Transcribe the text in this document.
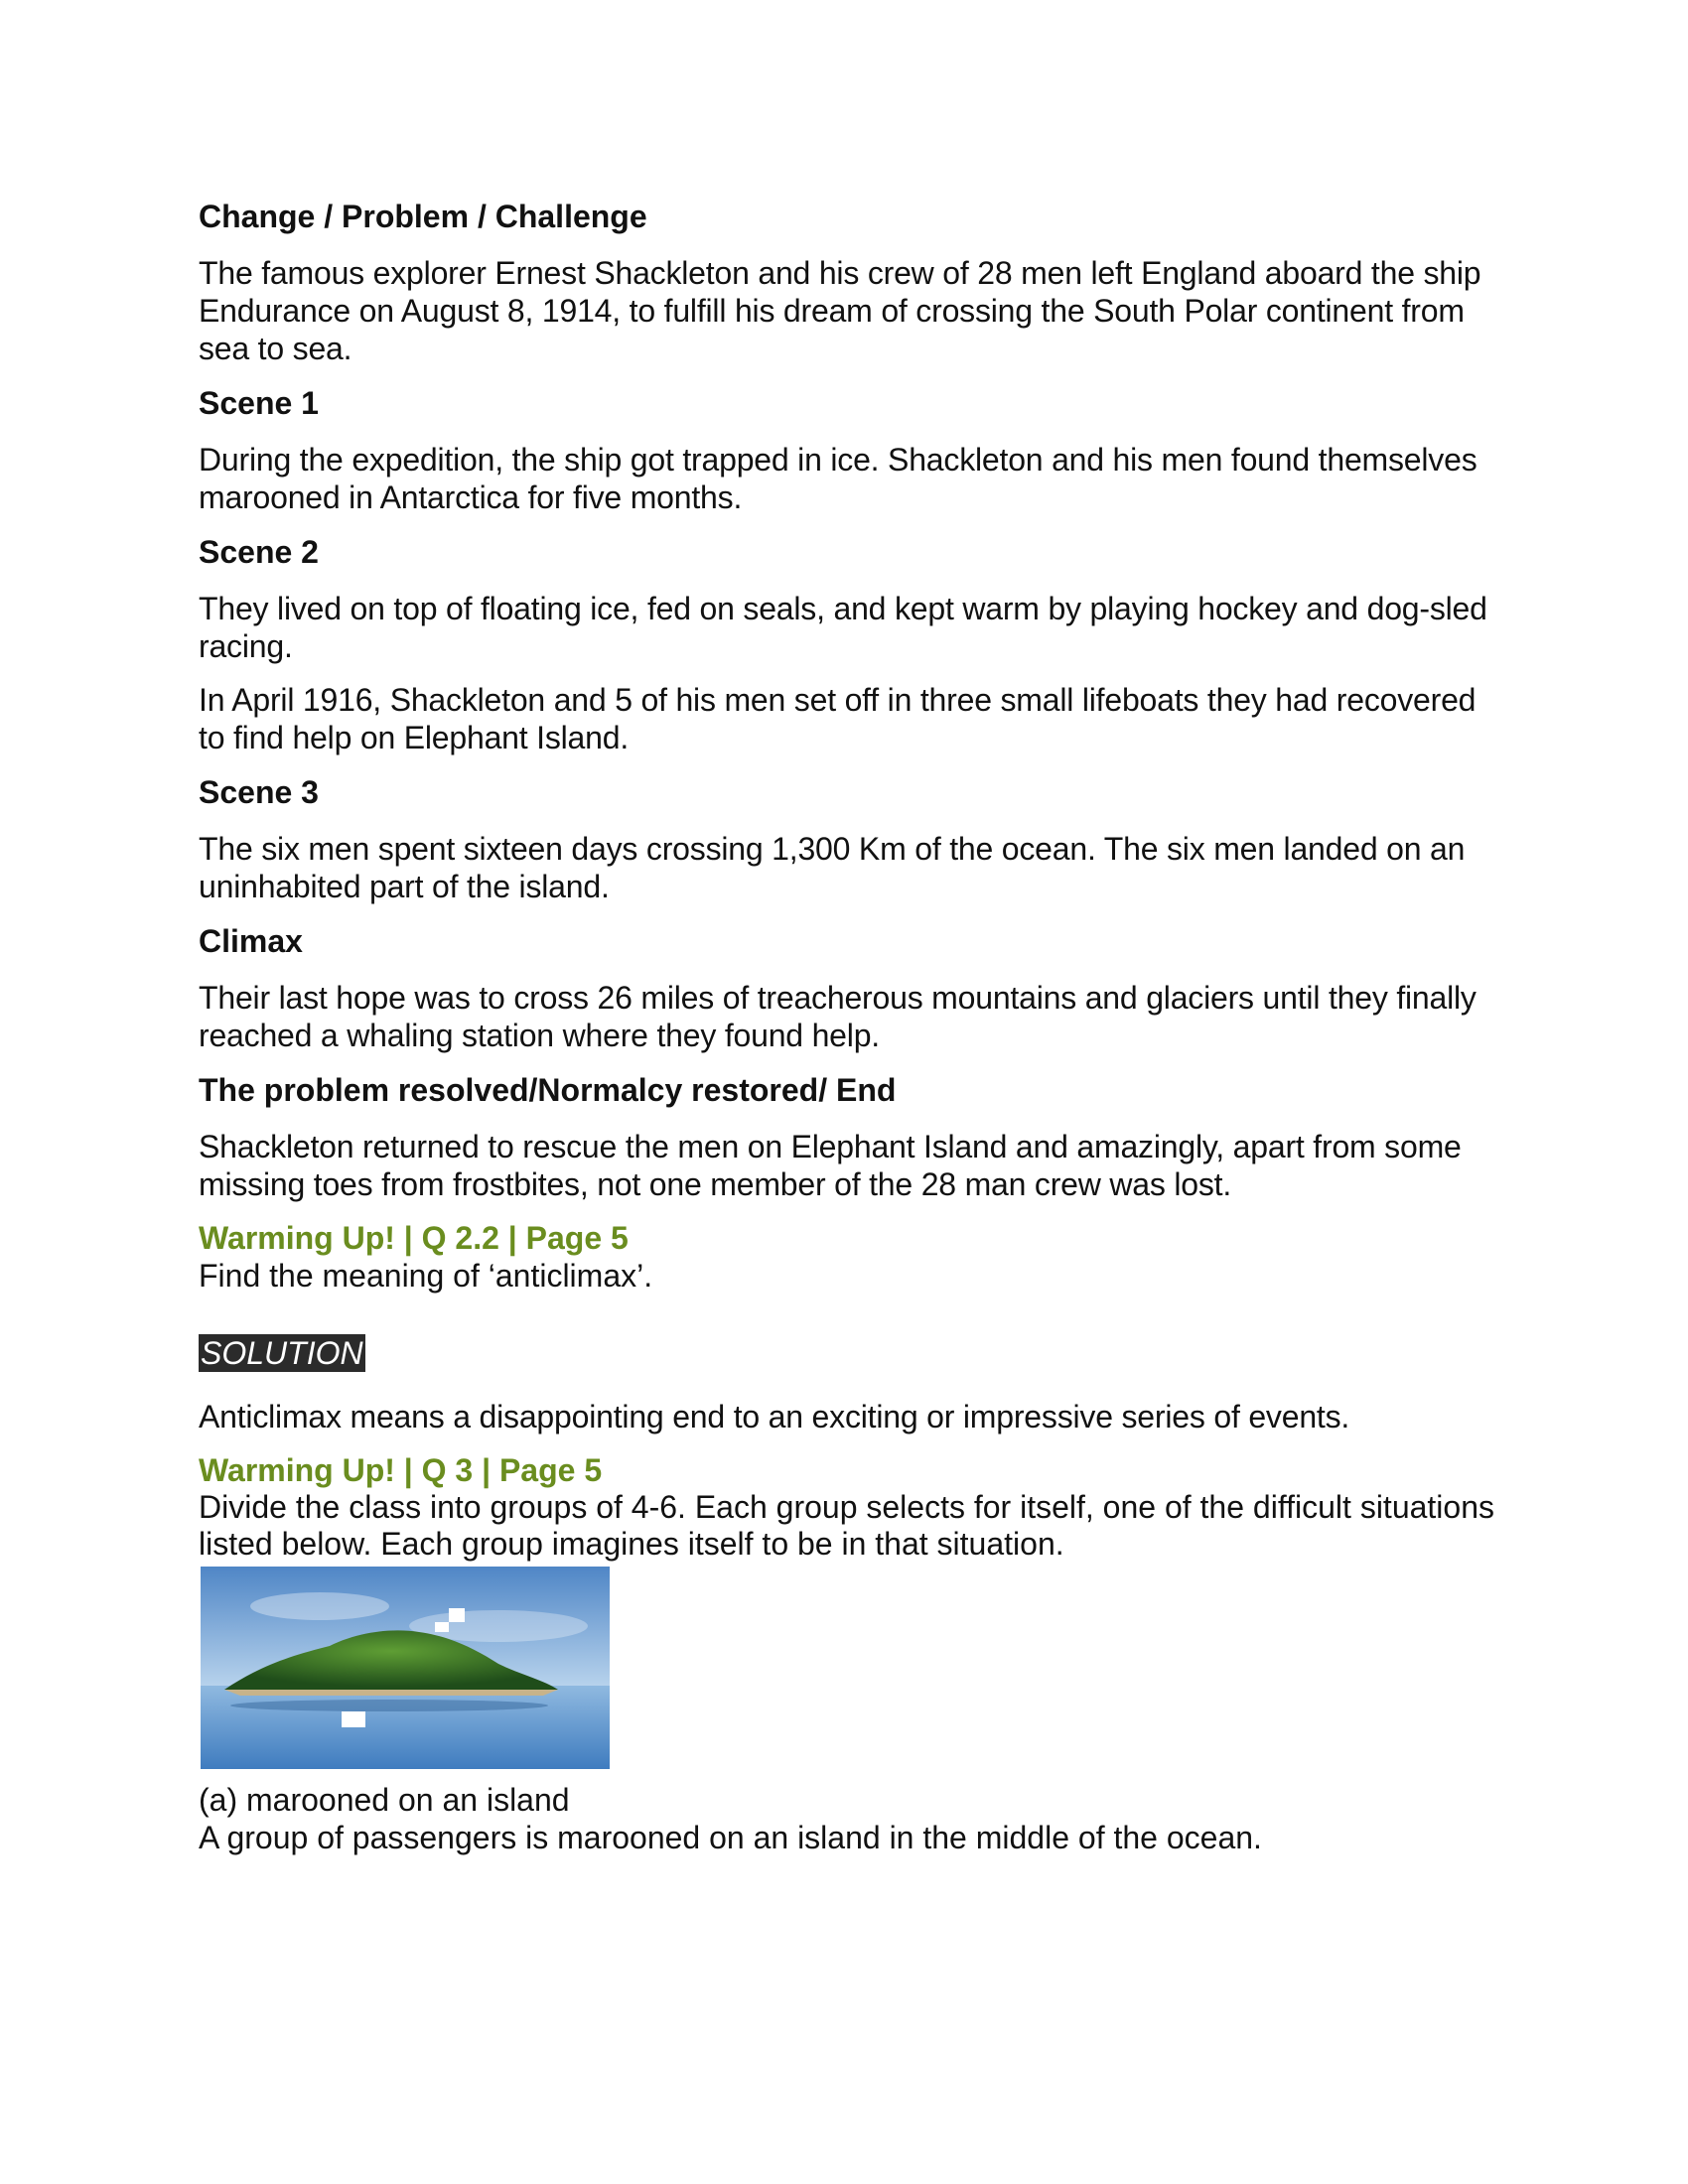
Change / Problem / Challenge
The famous explorer Ernest Shackleton and his crew of 28 men left England aboard the ship Endurance on August 8, 1914, to fulfill his dream of crossing the South Polar continent from sea to sea.
Scene 1
During the expedition, the ship got trapped in ice. Shackleton and his men found themselves marooned in Antarctica for five months.
Scene 2
They lived on top of floating ice, fed on seals, and kept warm by playing hockey and dog-sled racing.
In April 1916, Shackleton and 5 of his men set off in three small lifeboats they had recovered to find help on Elephant Island.
Scene 3
The six men spent sixteen days crossing 1,300 Km of the ocean. The six men landed on an uninhabited part of the island.
Climax
Their last hope was to cross 26 miles of treacherous mountains and glaciers until they finally reached a whaling station where they found help.
The problem resolved/Normalcy restored/ End
Shackleton returned to rescue the men on Elephant Island and amazingly, apart from some missing toes from frostbites, not one member of the 28 man crew was lost.
Warming Up! | Q 2.2 | Page 5
Find the meaning of ‘anticlimax’.
SOLUTION
Anticlimax means a disappointing end to an exciting or impressive series of events.
Warming Up! | Q 3 | Page 5
Divide the class into groups of 4-6. Each group selects for itself, one of the difficult situations listed below. Each group imagines itself to be in that situation.
(a) marooned on an island
A group of passengers is marooned on an island in the middle of the ocean.
